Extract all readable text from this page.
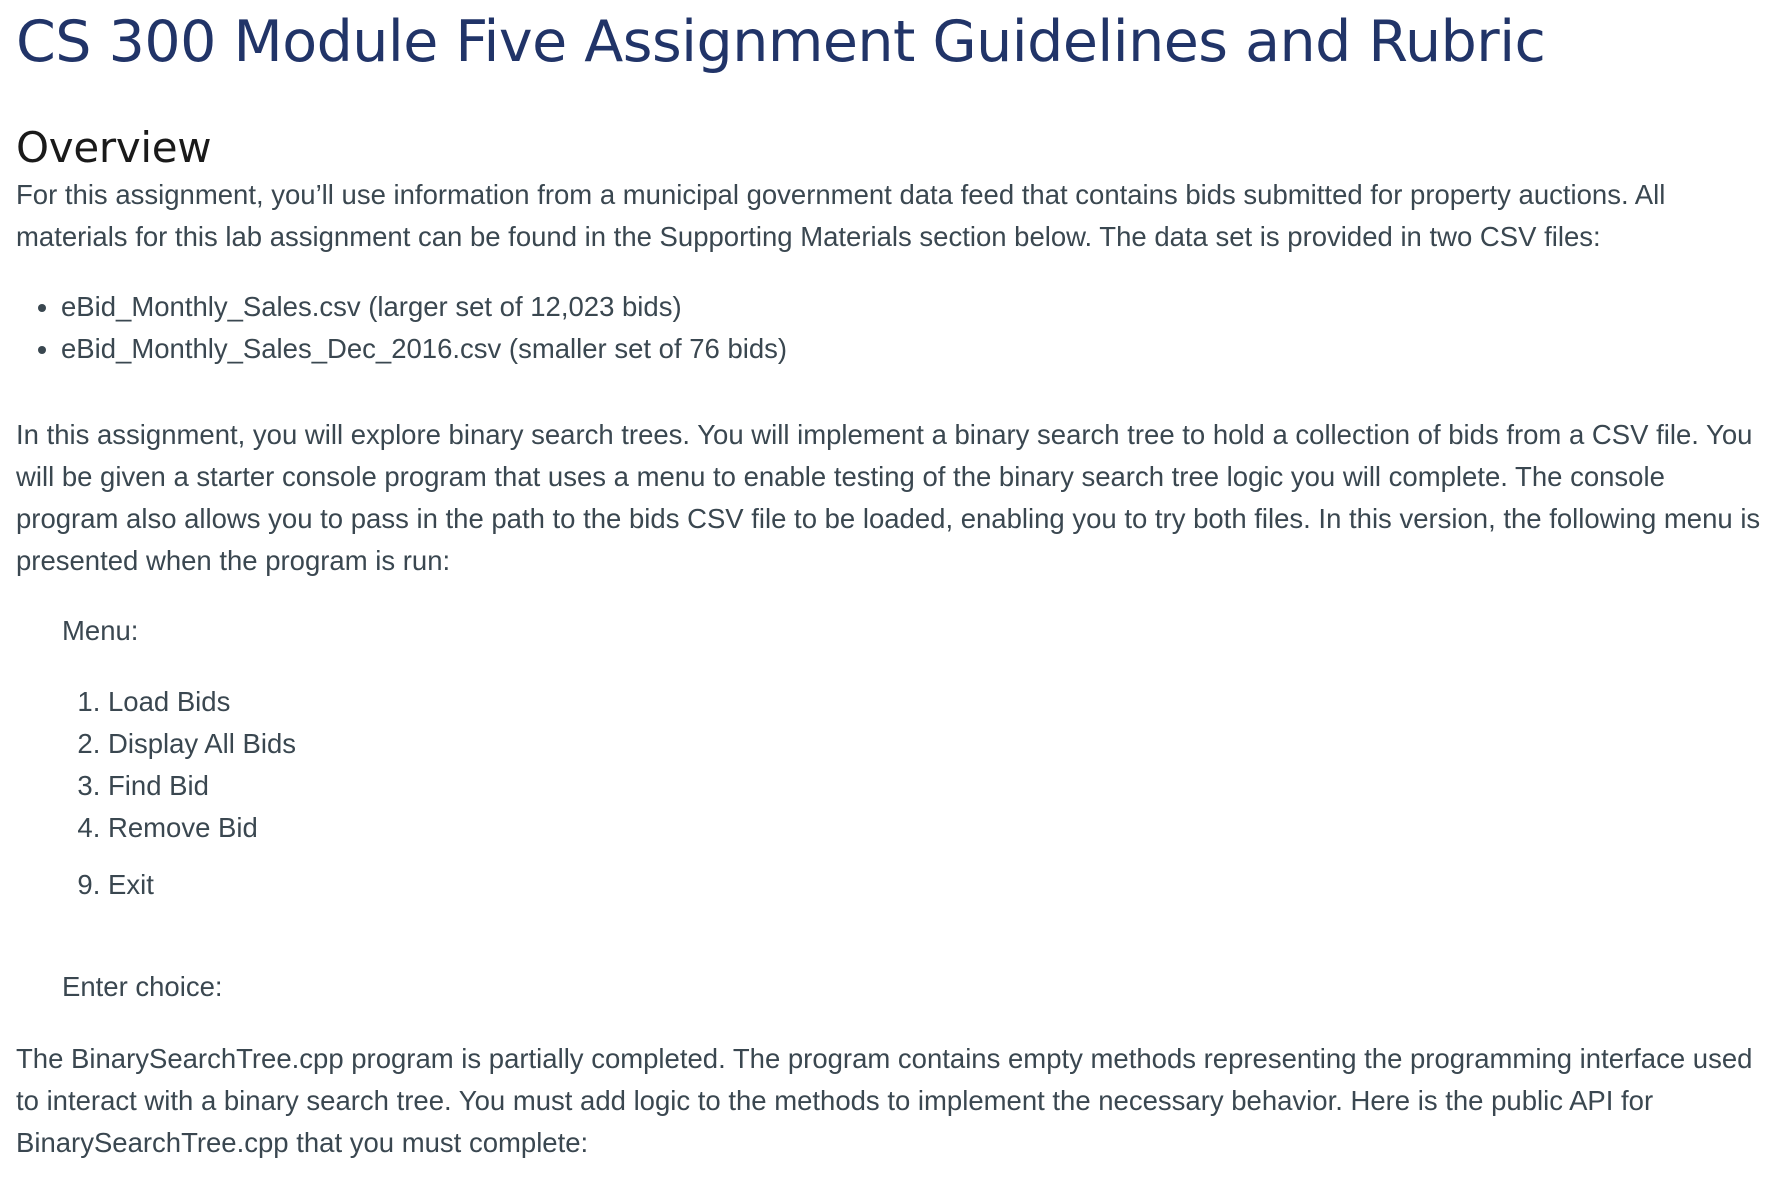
CS 300 Module Five Assignment Guidelines and Rubric
Overview

For this assignment, you’ll use information from a municipal government data feed that contains bids submitted for property auctions. All materials for this lab assignment can be found in the Supporting Materials section below. The data set is provided in two CSV files:

• eBid_Monthly_Sales.csv (larger set of 12,023 bids)
• eBid_Monthly_Sales_Dec_2016.csv (smaller set of 76 bids)

In this assignment, you will explore binary search trees. You will implement a binary search tree to hold a collection of bids from a CSV file. You will be given a starter console program that uses a menu to enable testing of the binary search tree logic you will complete. The console program also allows you to pass in the path to the bids CSV file to be loaded, enabling you to try both files. In this version, the following menu is presented when the program is run:

Menu:
1. Load Bids
2. Display All Bids
3. Find Bid
4. Remove Bid
9. Exit
Enter choice:

The BinarySearchTree.cpp program is partially completed. The program contains empty methods representing the programming interface used to interact with a binary search tree. You must add logic to the methods to implement the necessary behavior. Here is the public API for BinarySearchTree.cpp that you must complete:
